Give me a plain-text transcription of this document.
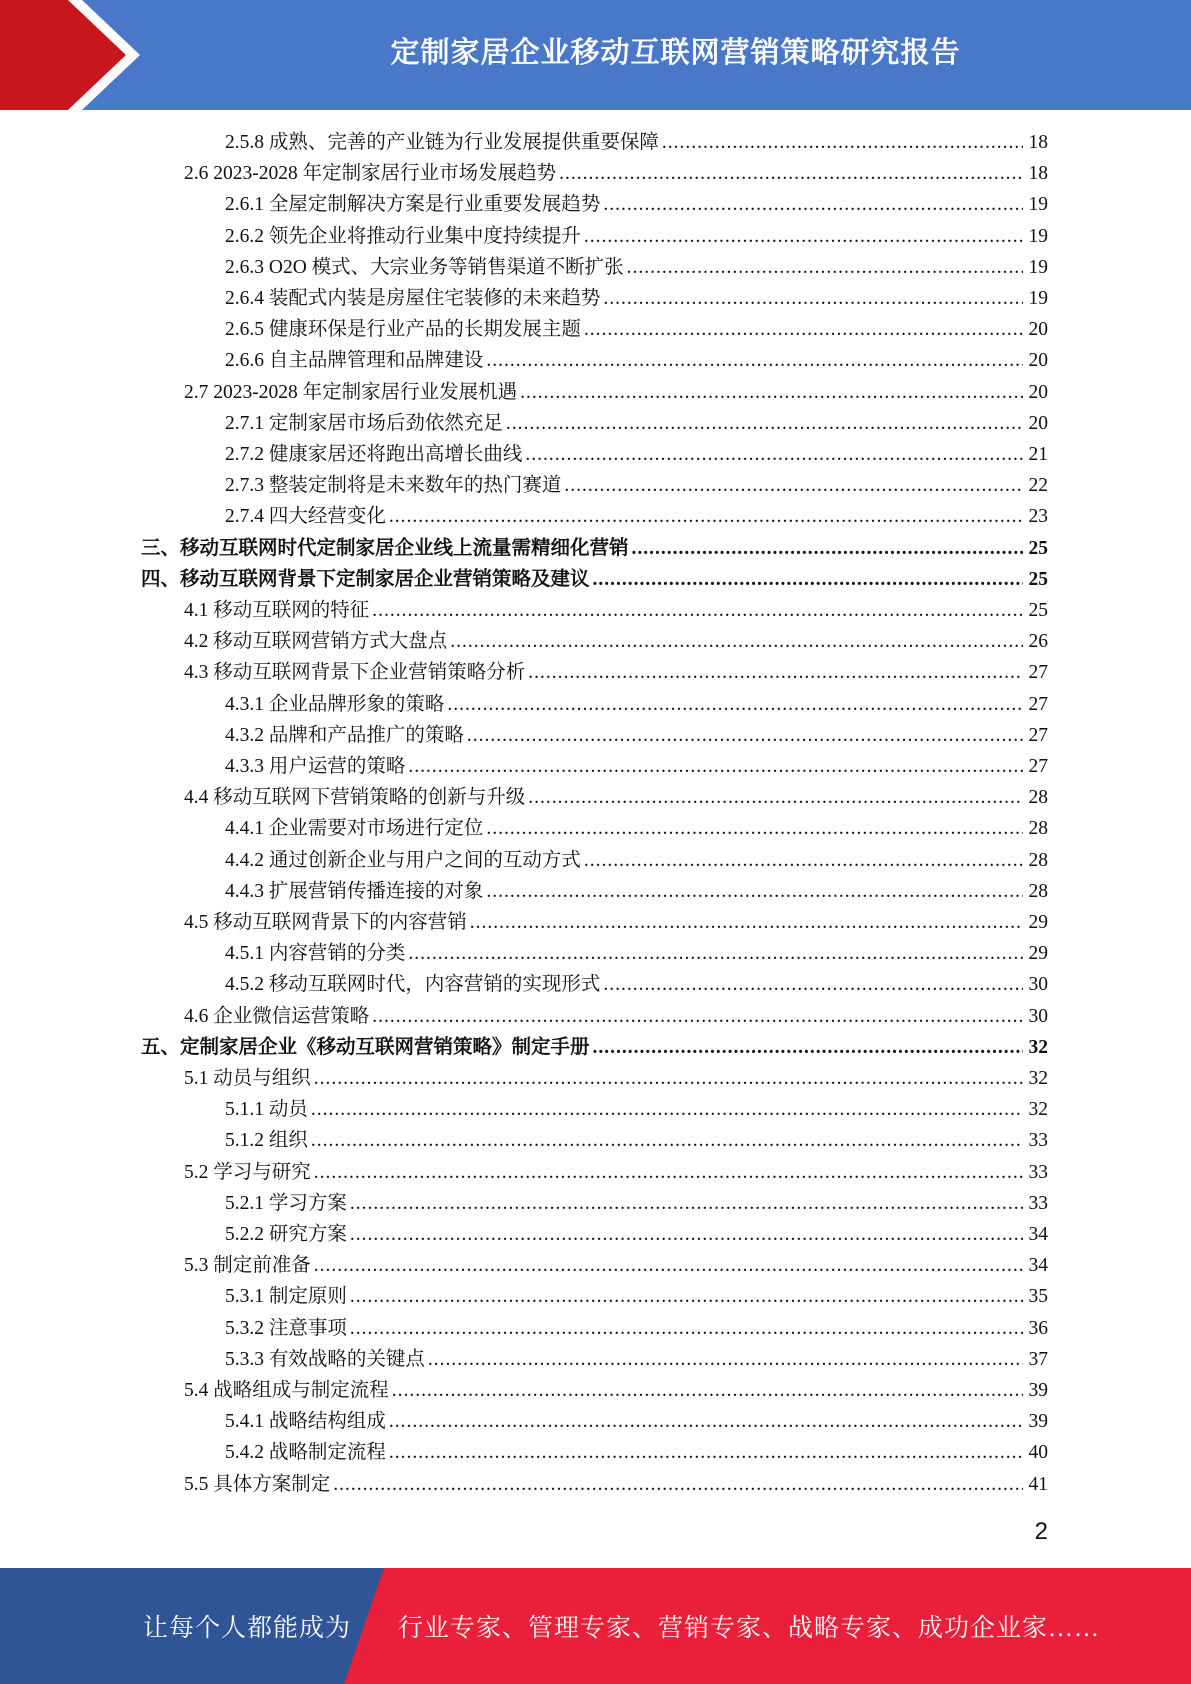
定制家居企业移动互联网营销策略研究报告
2.5.8 成熟、完善的产业链为行业发展提供重要保障 .....	18
2.6 2023-2028 年定制家居行业市场发展趋势 .....	18
2.6.1 全屋定制解决方案是行业重要发展趋势 .....	19
2.6.2 领先企业将推动行业集中度持续提升 .....	19
2.6.3 O2O 模式、大宗业务等销售渠道不断扩张 .....	19
2.6.4 装配式内装是房屋住宅装修的未来趋势 .....	19
2.6.5 健康环保是行业产品的长期发展主题 .....	20
2.6.6 自主品牌管理和品牌建设 .....	20
2.7 2023-2028 年定制家居行业发展机遇 .....	20
2.7.1 定制家居市场后劲依然充足 .....	20
2.7.2 健康家居还将跑出高增长曲线 .....	21
2.7.3 整装定制将是未来数年的热门赛道 .....	22
2.7.4 四大经营变化 .....	23
三、移动互联网时代定制家居企业线上流量需精细化营销 .....	25
四、移动互联网背景下定制家居企业营销策略及建议 .....	25
4.1 移动互联网的特征 .....	25
4.2 移动互联网营销方式大盘点 .....	26
4.3 移动互联网背景下企业营销策略分析 .....	27
4.3.1 企业品牌形象的策略 .....	27
4.3.2 品牌和产品推广的策略 .....	27
4.3.3 用户运营的策略 .....	27
4.4 移动互联网下营销策略的创新与升级 .....	28
4.4.1 企业需要对市场进行定位 .....	28
4.4.2 通过创新企业与用户之间的互动方式 .....	28
4.4.3 扩展营销传播连接的对象 .....	28
4.5 移动互联网背景下的内容营销 .....	29
4.5.1 内容营销的分类 .....	29
4.5.2 移动互联网时代，内容营销的实现形式 .....	30
4.6 企业微信运营策略 .....	30
五、定制家居企业《移动互联网营销策略》制定手册 .....	32
5.1 动员与组织 .....	32
5.1.1 动员 .....	32
5.1.2 组织 .....	33
5.2 学习与研究 .....	33
5.2.1 学习方案 .....	33
5.2.2 研究方案 .....	34
5.3 制定前准备 .....	34
5.3.1 制定原则 .....	35
5.3.2 注意事项 .....	36
5.3.3 有效战略的关键点 .....	37
5.4 战略组成与制定流程 .....	39
5.4.1 战略结构组成 .....	39
5.4.2 战略制定流程 .....	40
5.5 具体方案制定 .....	41
2
让每个人都能成为 行业专家、管理专家、营销专家、战略专家、成功企业家……
